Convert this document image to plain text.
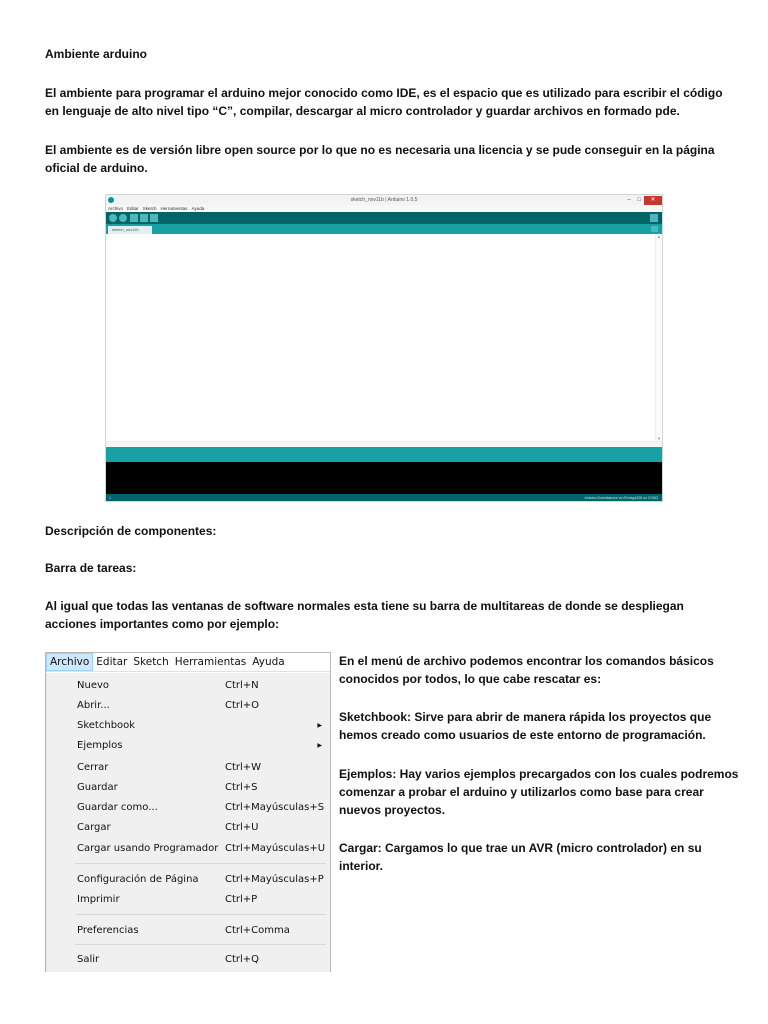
Ambiente arduino
El ambiente para programar el arduino mejor conocido como IDE, es el espacio que es utilizado para escribir el código en lenguaje de alto nivel tipo “C”, compilar, descargar al micro controlador y guardar archivos en formado pde.
El ambiente es de versión libre open source por lo que no es necesaria una licencia y se pude conseguir en la página oficial de arduino.
sketch_nov11b | Arduino 1.0.5	–	□	✕
Archivo Editar Sketch Herramientas Ayuda
sketch_nov11b
▲
▼
1	Arduino Duemilanove w/ ATmega328 on COM3
Descripción de componentes:
Barra de tareas:
Al igual que todas las ventanas de software normales esta tiene su barra de multitareas de donde se despliegan acciones importantes como por ejemplo:
Archivo Editar Sketch Herramientas Ayuda
Nuevo	Ctrl+N
Abrir...	Ctrl+O
Sketchbook	▶
Ejemplos	▶
Cerrar	Ctrl+W
Guardar	Ctrl+S
Guardar como...	Ctrl+Mayúsculas+S
Cargar	Ctrl+U
Cargar usando Programador Ctrl+Mayúsculas+U
Configuración de Página	Ctrl+Mayúsculas+P
Imprimir	Ctrl+P
Preferencias	Ctrl+Comma
Salir	Ctrl+Q
En el menú de archivo podemos encontrar los comandos básicos conocidos por todos, lo que cabe rescatar es:
Sketchbook: Sirve para abrir de manera rápida los proyectos que hemos creado como usuarios de este entorno de programación.
Ejemplos: Hay varios ejemplos precargados con los cuales podremos comenzar a probar el arduino y utilizarlos como base para crear nuevos proyectos.
Cargar: Cargamos lo que trae un AVR (micro controlador) en su interior.
